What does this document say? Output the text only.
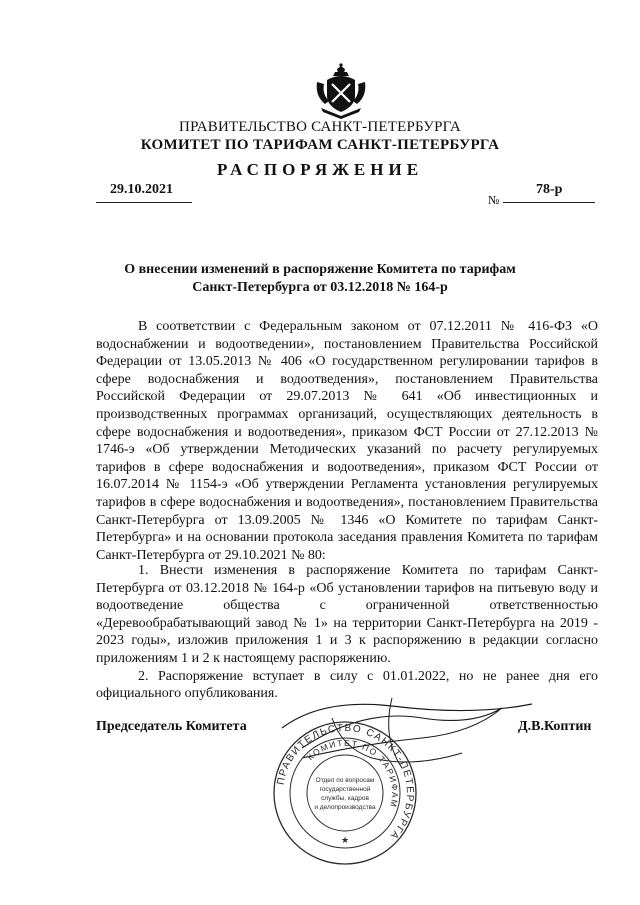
ПРАВИТЕЛЬСТВО САНКТ-ПЕТЕРБУРГА
КОМИТЕТ ПО ТАРИФАМ САНКТ-ПЕТЕРБУРГА
РАСПОРЯЖЕНИЕ
29.10.2021
№
78-р
О внесении изменений в распоряжение Комитета по тарифам
Санкт-Петербурга от 03.12.2018 № 164-р
В соответствии с Федеральным законом от 07.12.2011 № 416-ФЗ «О водоснабжении и водоотведении», постановлением Правительства Российской Федерации от 13.05.2013 № 406 «О государственном регулировании тарифов в сфере водоснабжения и водоотведения», постановлением Правительства Российской Федерации от 29.07.2013 № 641 «Об инвестиционных и производственных программах организаций, осуществляющих деятельность в сфере водоснабжения и водоотведения», приказом ФСТ России от 27.12.2013 № 1746-э «Об утверждении Методических указаний по расчету регулируемых тарифов в сфере водоснабжения и водоотведения», приказом ФСТ России от 16.07.2014 № 1154-э «Об утверждении Регламента установления регулируемых тарифов в сфере водоснабжения и водоотведения», постановлением Правительства Санкт-Петербурга от 13.09.2005 № 1346 «О Комитете по тарифам Санкт-Петербурга» и на основании протокола заседания правления Комитета по тарифам Санкт-Петербурга от 29.10.2021 № 80:
1. Внести изменения в распоряжение Комитета по тарифам Санкт-Петербурга от 03.12.2018 № 164-р «Об установлении тарифов на питьевую воду и водоотведение общества с ограниченной ответственностью «Деревообрабатывающий завод № 1» на территории Санкт-Петербурга на 2019 - 2023 годы», изложив приложения 1 и 3 к распоряжению в редакции согласно приложениям 1 и 2 к настоящему распоряжению.
2. Распоряжение вступает в силу с 01.01.2022, но не ранее дня его официального опубликования.
Председатель Комитета	Д.В.Коптин
ПРАВИТЕЛЬСТВО САНКТ-ПЕТЕРБУРГА
КОМИТЕТ ПО ТАРИФАМ
Отдел по вопросам
государственной
службы, кадров
и делопроизводства
★
